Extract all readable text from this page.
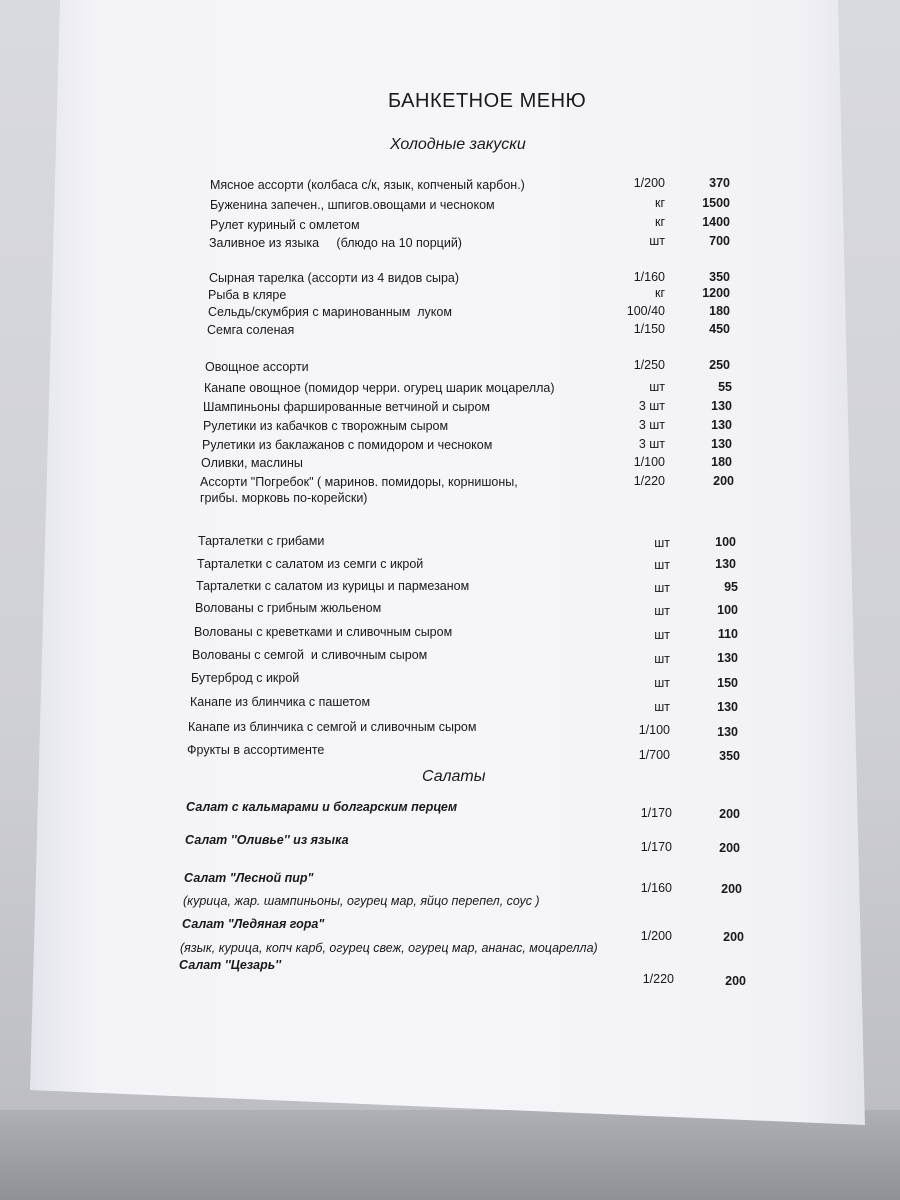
БАНКЕТНОЕ МЕНЮ
Холодные закуски
Мясное ассорти (колбаса с/к, язык, копченый карбон.)	1/200	370
Буженина запечен., шпигов.овощами и чесноком	кг	1500
Рулет куриный с омлетом	кг	1400
Заливное из языка     (блюдо на 10 порций)	шт	700
Сырная тарелка (ассорти из 4 видов сыра)	1/160	350
Рыба в кляре	кг	1200
Сельдь/скумбрия с маринованным  луком	100/40	180
Семга соленая	1/150	450
Овощное ассорти	1/250	250
Канапе овощное (помидор черри. огурец шарик моцарелла)	шт	55
Шампиньоны фаршированные ветчиной и сыром	3 шт	130
Рулетики из кабачков с творожным сыром	3 шт	130
Рулетики из баклажанов с помидором и чесноком	3 шт	130
Оливки, маслины	1/100	180
Ассорти "Погребок" ( маринов. помидоры, корнишоны,
грибы. морковь по-корейски)
1/220	200
Тарталетки с грибами	шт	100
Тарталетки с салатом из семги с икрой	шт	130
Тарталетки с салатом из курицы и пармезаном	шт	95
Волованы с грибным жюльеном	шт	100
Волованы с креветками и сливочным сыром	шт	110
Волованы с семгой  и сливочным сыром	шт	130
Бутерброд с икрой	шт	150
Канапе из блинчика с пашетом	шт	130
Канапе из блинчика с семгой и сливочным сыром	1/100	130
Фрукты в ассортименте	1/700	350
Салаты
Салат с кальмарами и болгарским перцем	1/170	200
Салат ''Оливье'' из языка	1/170	200
Салат "Лесной пир"
(курица, жар. шампиньоны, огурец мар, яйцо перепел, соус )
1/160	200
Салат "Ледяная гора"
(язык, курица, копч карб, огурец свеж, огурец мар, ананас, моцарелла)
1/200	200
Салат ''Цезарь''
1/220	200
